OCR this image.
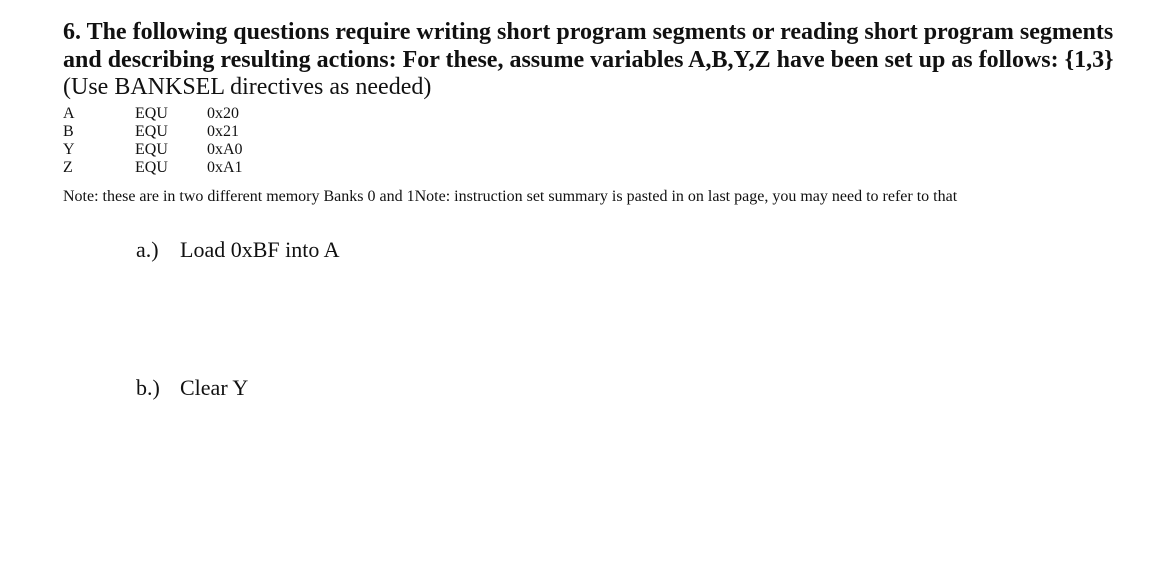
6. The following questions require writing short program segments or reading short program segments and describing resulting actions: For these, assume variables A,B,Y,Z have been set up as follows: {1,3}(Use BANKSEL directives as needed)
A	EQU 0x20
B	EQU 0x21
Y	EQU 0xA0
Z	EQU 0xA1
Note: these are in two different memory Banks 0 and 1Note: instruction set summary is pasted in on last page, you may need to refer to that
a.) Load 0xBF into A
b.) Clear Y
